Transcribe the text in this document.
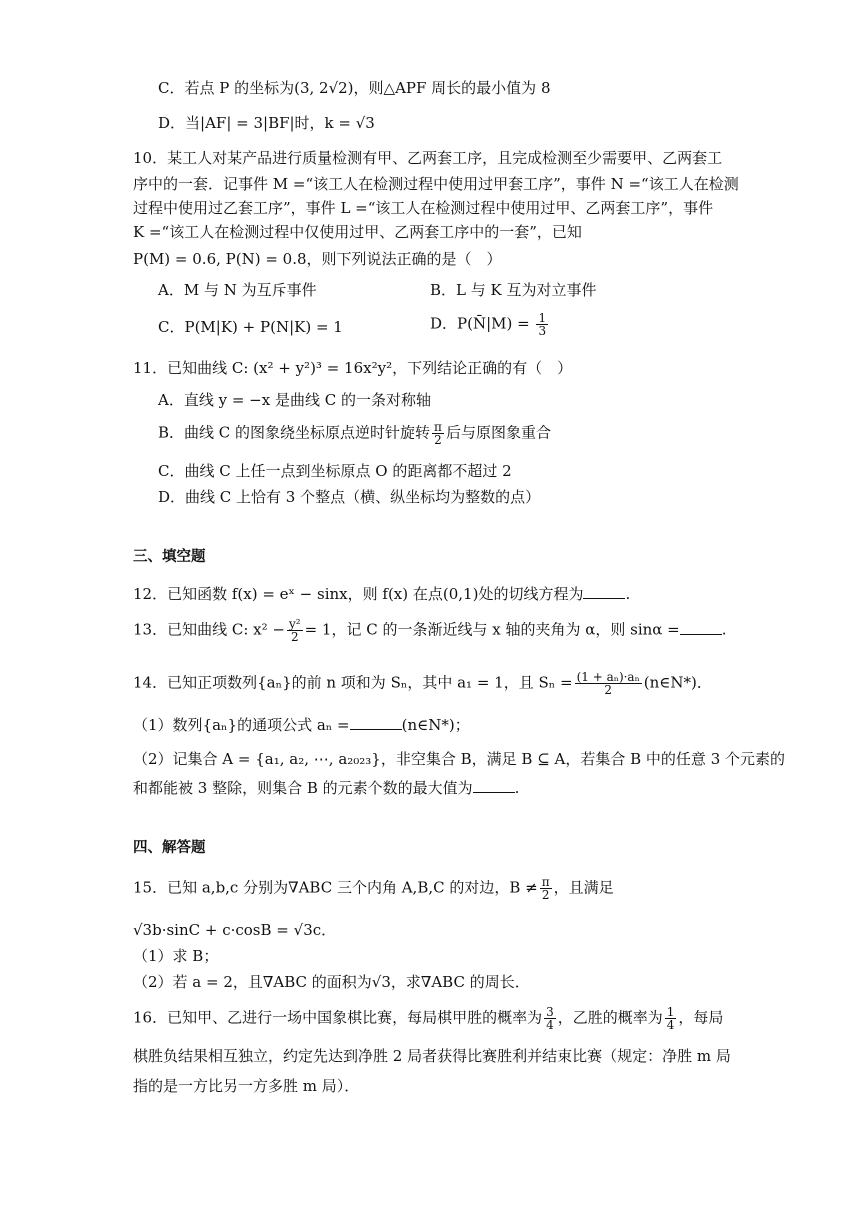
C．若点 P 的坐标为(3, 2√2)，则△APF 周长的最小值为 8
D．当|AF| = 3|BF|时，k = √3
10．某工人对某产品进行质量检测有甲、乙两套工序，且完成检测至少需要甲、乙两套工
序中的一套．记事件 M =“该工人在检测过程中使用过甲套工序”，事件 N =“该工人在检测
过程中使用过乙套工序”，事件 L =“该工人在检测过程中使用过甲、乙两套工序”，事件
K =“该工人在检测过程中仅使用过甲、乙两套工序中的一套”，已知
P(M) = 0.6, P(N) = 0.8，则下列说法正确的是（　）
A．M 与 N 为互斥事件	B．L 与 K 互为对立事件
C．P(M|K) + P(N|K) = 1	D．P(N̄|M) = $\frac{1}{3}$
11．已知曲线 C: (x² + y²)³ = 16x²y²，下列结论正确的有（　）
A．直线 y = −x 是曲线 C 的一条对称轴
B．曲线 C 的图象绕坐标原点逆时针旋转 $\frac{\pi}{2}$ 后与原图象重合
C．曲线 C 上任一点到坐标原点 O 的距离都不超过 2
D．曲线 C 上恰有 3 个整点（横、纵坐标均为整数的点）
三、填空题
12．已知函数 f(x) = eˣ − sinx，则 f(x) 在点(0,1)处的切线方程为	.
13．已知曲线 C: $x^2 - \frac{\text{y²}}{2} = 1$，记 C 的一条渐近线与 x 轴的夹角为 α，则 sinα =	.
14．已知正项数列{aₙ}的前 n 项和为 Sₙ，其中 a₁ = 1，且 $S_n = \frac{\text{(1 + aₙ)·aₙ}}{2}$ (n∈N*)．
（1）数列{aₙ}的通项公式 aₙ =	(n∈N*)；
（2）记集合 A = {a₁, a₂, ⋯, a₂₀₂₃}，非空集合 B，满足 B ⊆ A，若集合 B 中的任意 3 个元素的
和都能被 3 整除，则集合 B 的元素个数的最大值为	.
四、解答题
15．已知 a,b,c 分别为∇ABC 三个内角 A,B,C 的对边，$B \ne \frac{\pi}{2}$ ，且满足
√3b·sinC + c·cosB = √3c．
（1）求 B；
（2）若 a = 2，且∇ABC 的面积为√3，求∇ABC 的周长．
16．已知甲、乙进行一场中国象棋比赛，每局棋甲胜的概率为 $\frac{3}{4}$ ，乙胜的概率为 $\frac{1}{4}$ ，每局
棋胜负结果相互独立，约定先达到净胜 2 局者获得比赛胜利并结束比赛（规定：净胜 m 局
指的是一方比另一方多胜 m 局）．
